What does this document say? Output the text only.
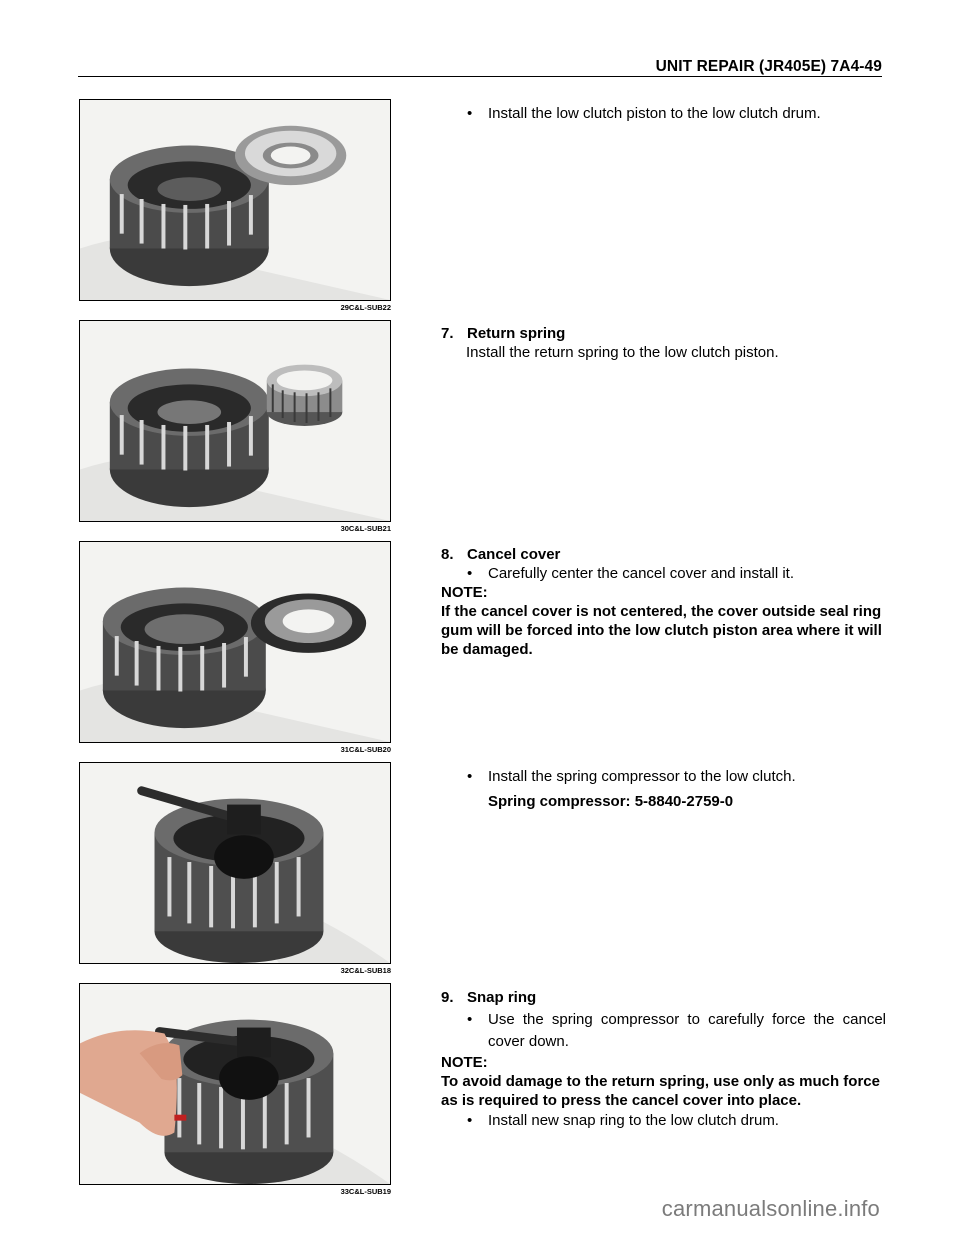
UNIT REPAIR (JR405E) 7A4-49
29C&L-SUB22
• Install the low clutch piston to the low clutch drum.
30C&L-SUB21
7. Return spring
Install the return spring to the low clutch piston.
31C&L-SUB20
8. Cancel cover
• Carefully center the cancel cover and install it.
NOTE:
If the cancel cover is not centered, the cover outside seal ring gum will be forced into the low clutch piston area where it will be damaged.
32C&L-SUB18
• Install the spring compressor to the low clutch.
Spring compressor: 5-8840-2759-0
33C&L-SUB19
9. Snap ring
• Use the spring compressor to carefully force the cancel cover down.
NOTE:
To avoid damage to the return spring, use only as much force as is required to press the cancel cover into place.
• Install new snap ring to the low clutch drum.
carmanualsonline.info
